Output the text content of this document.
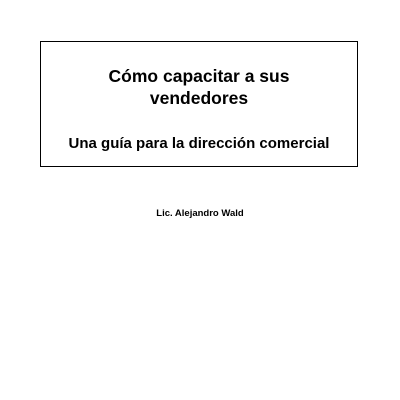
Cómo capacitar a sus
vendedores
Una guía para la dirección comercial
Lic. Alejandro Wald
